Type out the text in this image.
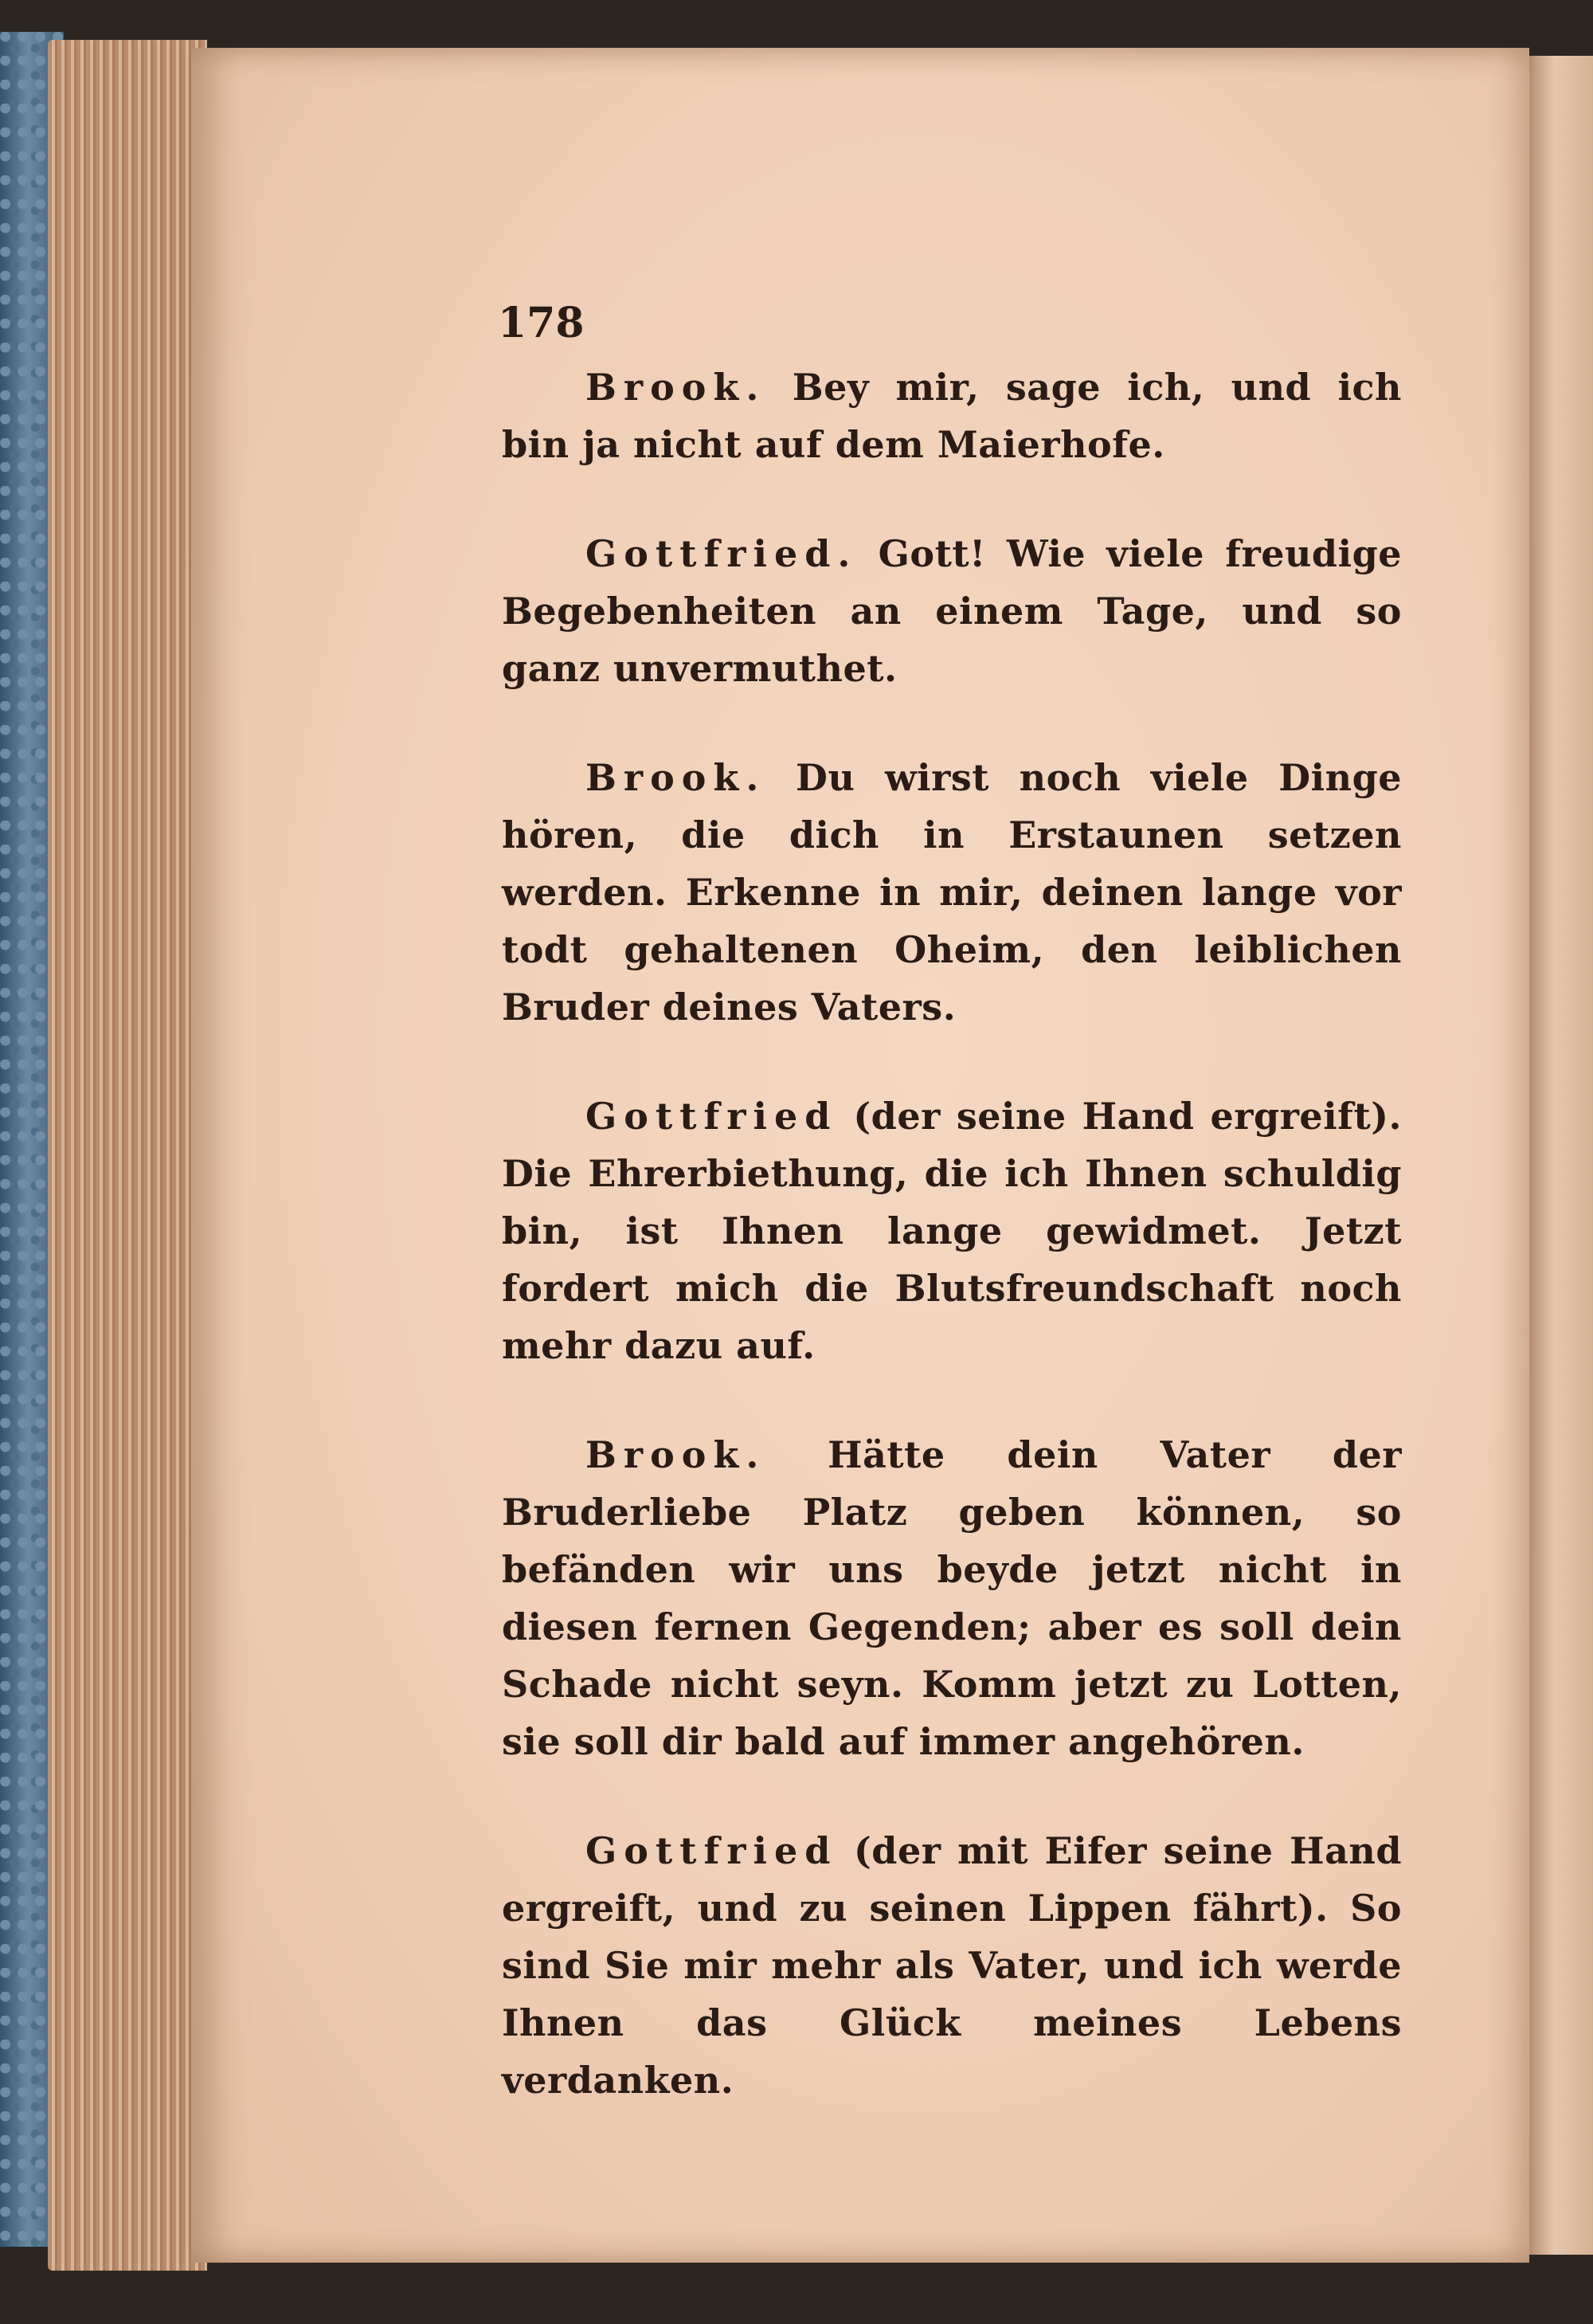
178

Brook. Bey mir, sage ich, und ich bin ja nicht auf dem Maierhofe.

Gottfried. Gott! Wie viele freudige Begebenheiten an einem Tage, und so ganz unvermuthet.

Brook. Du wirst noch viele Dinge hören, die dich in Erstaunen setzen werden. Erkenne in mir, deinen lange vor todt gehaltenen Oheim, den leiblichen Bruder deines Vaters.

Gottfried (der seine Hand ergreift). Die Ehrerbiethung, die ich Ihnen schuldig bin, ist Ihnen lange gewidmet. Jetzt fordert mich die Blutsfreundschaft noch mehr dazu auf.

Brook. Hätte dein Vater der Bruderliebe Platz geben können, so befänden wir uns beyde jetzt nicht in diesen fernen Gegenden; aber es soll dein Schade nicht seyn. Komm jetzt zu Lotten, sie soll dir bald auf immer angehören.

Gottfried (der mit Eifer seine Hand ergreift, und zu seinen Lippen fährt). So sind Sie mir mehr als Vater, und ich werde Ihnen das Glück meines Lebens verdanken.
